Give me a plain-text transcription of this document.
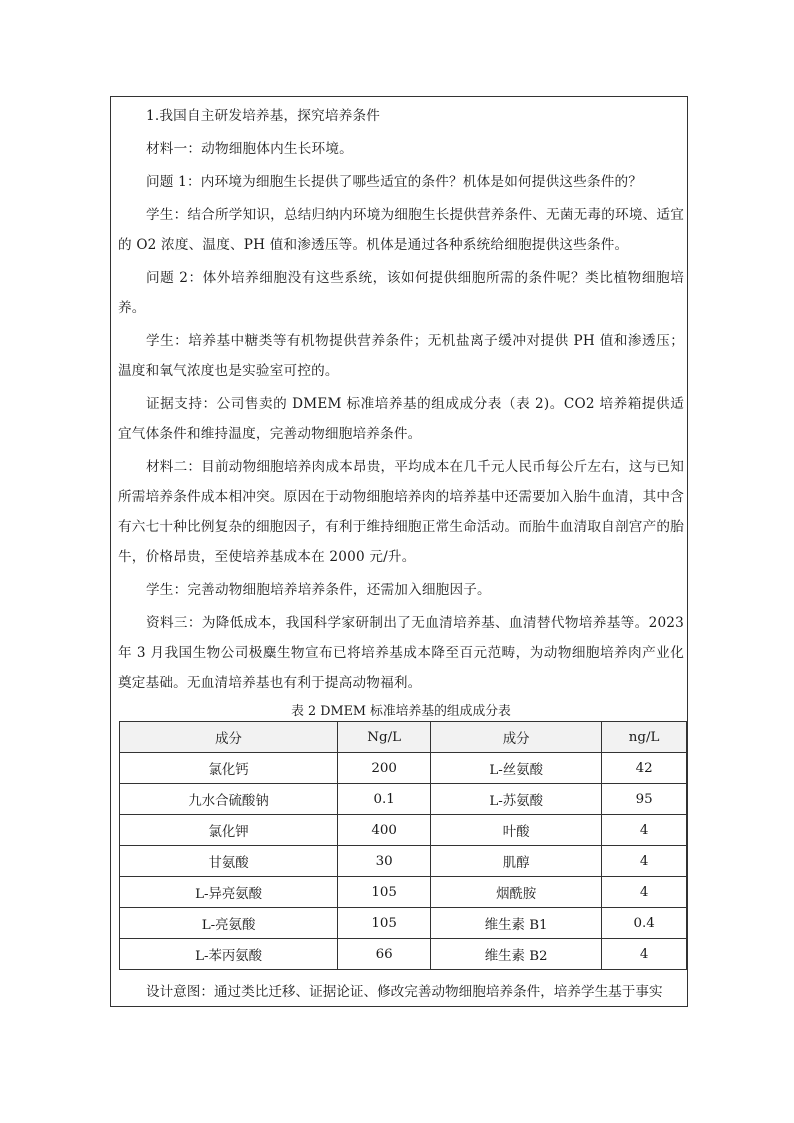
1.我国自主研发培养基，探究培养条件

材料一：动物细胞体内生长环境。

问题 1：内环境为细胞生长提供了哪些适宜的条件？机体是如何提供这些条件的？

学生：结合所学知识，总结归纳内环境为细胞生长提供营养条件、无菌无毒的环境、适宜的 O2 浓度、温度、PH 值和渗透压等。机体是通过各种系统给细胞提供这些条件。

问题 2：体外培养细胞没有这些系统，该如何提供细胞所需的条件呢？类比植物细胞培养。

学生：培养基中糖类等有机物提供营养条件；无机盐离子缓冲对提供 PH 值和渗透压；温度和氧气浓度也是实验室可控的。

证据支持：公司售卖的 DMEM 标准培养基的组成成分表（表 2)。CO2 培养箱提供适宜气体条件和维持温度，完善动物细胞培养条件。

材料二：目前动物细胞培养肉成本昂贵，平均成本在几千元人民币每公斤左右，这与已知所需培养条件成本相冲突。原因在于动物细胞培养肉的培养基中还需要加入胎牛血清，其中含有六七十种比例复杂的细胞因子，有利于维持细胞正常生命活动。而胎牛血清取自剖宫产的胎牛，价格昂贵，至使培养基成本在 2000 元/升。

学生：完善动物细胞培养培养条件，还需加入细胞因子。

资料三：为降低成本，我国科学家研制出了无血清培养基、血清替代物培养基等。2023 年 3 月我国生物公司极麋生物宣布已将培养基成本降至百元范畴，为动物细胞培养肉产业化奠定基础。无血清培养基也有利于提高动物福利。

表 2 DMEM 标准培养基的组成成分表

成分	Ng/L	成分	ng/L
氯化钙	200	L-丝氨酸	42
九水合硫酸钠	0.1	L-苏氨酸	95
氯化钾	400	叶酸	4
甘氨酸	30	肌醇	4
L-异亮氨酸	105	烟酰胺	4
L-亮氨酸	105	维生素 B1	0.4
L-苯丙氨酸	66	维生素 B2	4

设计意图：通过类比迁移、证据论证、修改完善动物细胞培养条件，培养学生基于事实
